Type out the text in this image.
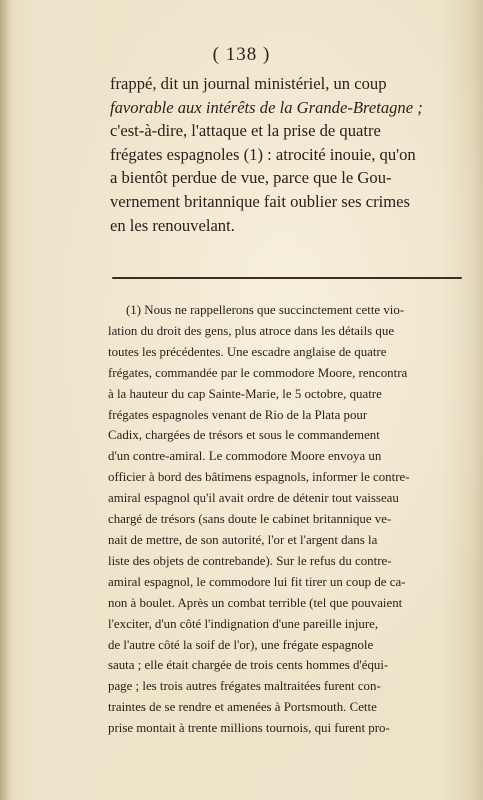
( 138 )
frappé, dit un journal ministériel, un coup
favorable aux intérêts de la Grande-Bretagne ;
c'est-à-dire, l'attaque et la prise de quatre
frégates espagnoles (1) : atrocité inouie, qu'on
a bientôt perdue de vue, parce que le Gou-
vernement britannique fait oublier ses crimes
en les renouvelant.
(1) Nous ne rappellerons que succinctement cette vio-
lation du droit des gens, plus atroce dans les détails que
toutes les précédentes. Une escadre anglaise de quatre
frégates, commandée par le commodore Moore, rencontra
à la hauteur du cap Sainte-Marie, le 5 octobre, quatre
frégates espagnoles venant de Rio de la Plata pour
Cadix, chargées de trésors et sous le commandement
d'un contre-amiral. Le commodore Moore envoya un
officier à bord des bâtimens espagnols, informer le contre-
amiral espagnol qu'il avait ordre de détenir tout vaisseau
chargé de trésors (sans doute le cabinet britannique ve-
nait de mettre, de son autorité, l'or et l'argent dans la
liste des objets de contrebande). Sur le refus du contre-
amiral espagnol, le commodore lui fit tirer un coup de ca-
non à boulet. Après un combat terrible (tel que pouvaient
l'exciter, d'un côté l'indignation d'une pareille injure,
de l'autre côté la soif de l'or), une frégate espagnole
sauta ; elle était chargée de trois cents hommes d'équi-
page ; les trois autres frégates maltraitées furent con-
traintes de se rendre et amenées à Portsmouth. Cette
prise montait à trente millions tournois, qui furent pro-
